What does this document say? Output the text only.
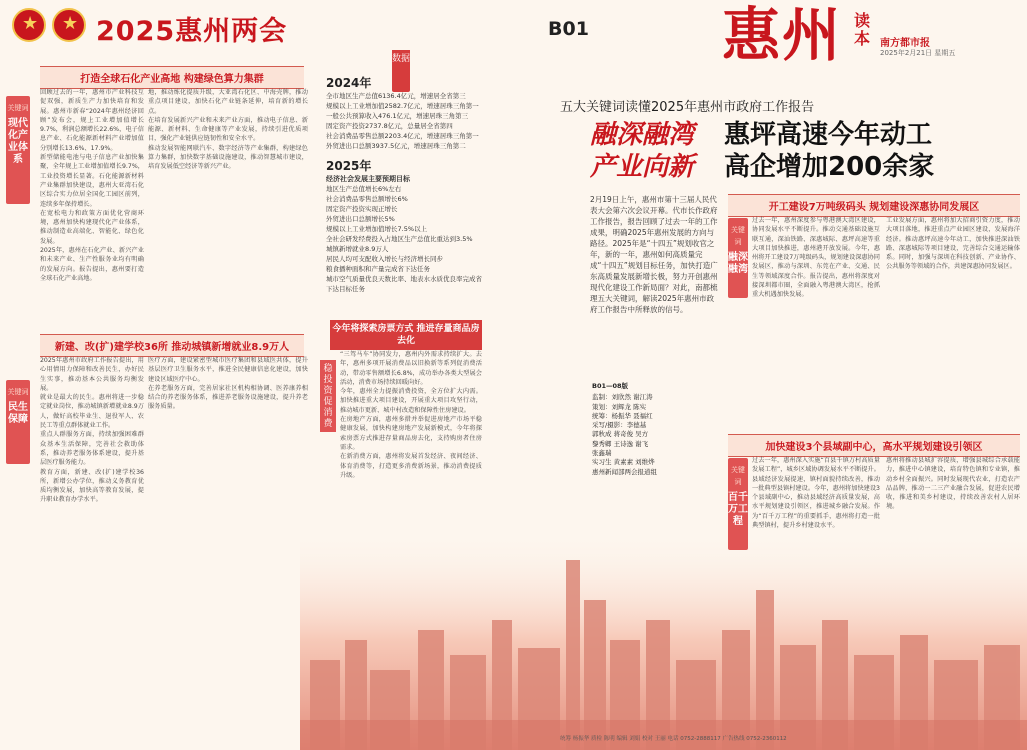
★
★
2025惠州两会	B01 惠州 读本 南方都市报
2025年2月21日 星期五
打造全球石化产业高地 构建绿色算力集群
关键词
现代化产业体系

回顾过去的一年，惠州市产业科技互促双强，新质生产力加快培育和发展。惠州市新春“2024年惠州经济回顾”发布会，规上工业增加值增长9.7%，利润总额增长22.6%，电子信息产业、石化能源新材料产业增加值分别增长13.6%、17.9%。

新型储能电池与电子信息产业加快集聚，全年规上工业增加值增长9.7%，工业投资增长显著。石化能源新材料产业集群加快建设，惠州大亚湾石化区综合实力位居全国化工园区前列，连续多年保持增长。

在宽松电力和政策方面优化营商环境，惠州加快构建现代化产业体系，推动制造业高端化、智能化、绿色化发展。

2025年，惠州在石化产业、新兴产业和未来产业、生产性服务业均有明确的发展方向。报告提出，惠州要打造全球石化产业高地。

地，推动炼化提质升级，大亚湾石化区、中海壳牌，推动重点项目建设，加快石化产业链条延伸，培育新的增长点。

在培育发展新兴产业和未来产业方面，推动电子信息、新能源、新材料、生命健康等产业发展，持续引进优质项目，强化产业链供应链韧性和安全水平。

推动发展智能网联汽车、数字经济等产业集群，构建绿色算力集群，加快数字基础设施建设，推动智慧城市建设，培育发展低空经济等新兴产业。

新建、改(扩)建学校36所 推动城镇新增就业8.9万人
关键词
民生保障

2025年惠州市政府工作报告提出，用心用情用力保障和改善民生，办好民生实事，推动基本公共服务均衡发展。

就业是最大的民生。惠州将进一步稳定就业岗位，推动城镇新增就业8.9万人，做好高校毕业生、退役军人、农民工等重点群体就业工作。

重点人群服务方面，持续加强困难群众基本生活保障，完善社会救助体系，推动养老服务体系建设，提升基层医疗服务能力。

教育方面，新建、改(扩)建学校36所，新增公办学位，推动义务教育优质均衡发展，加快高等教育发展，提升职业教育办学水平。

医疗方面，建设紧密型城市医疗集团和县域医共体，提升基层医疗卫生服务水平，推进全民健康信息化建设，加快建设区域医疗中心。

在养老服务方面，完善居家社区机构相协调、医养康养相结合的养老服务体系，推进养老服务设施建设，提升养老服务质量。

数据
2024年
全市地区生产总值6136.4亿元，增速居全省第三
规模以上工业增加值2582.7亿元，增速居珠三角第一
一般公共预算收入476.1亿元，增速居珠三角第三
固定资产投资2737.8亿元，总量居全省第四
社会消费品零售总额2203.4亿元，增速居珠三角第一
外贸进出口总额3937.5亿元，增速居珠三角第二
2025年
经济社会发展主要预期目标
地区生产总值增长6%左右
社会消费品零售总额增长6%
固定资产投资实现正增长
外贸进出口总额增长5%
规模以上工业增加值增长7.5%以上
全社会研发经费投入占地区生产总值比重达到3.5%
城镇新增就业8.9万人
居民人均可支配收入增长与经济增长同步
粮食播种面积和产量完成省下达任务
城市空气质量优良天数比率、地表水水质优良率完成省下达目标任务
今年将探索房票方式 推进存量商品房去化
稳投资促消费

“三驾马车”协同发力，惠州内外需求持续扩大。去年，惠州多项开展消费品以旧换新等系列促消费活动，带动零售额增长6.8%，成功举办各类大型展会活动，消费市场持续回暖向好。

今年，惠州全力提振消费投资，全方位扩大内需。加快推进重大项目建设，开展重大项目攻坚行动，推动城市更新、城中村改造和保障性住房建设。

在房地产方面，惠州多措并举促进房地产市场平稳健康发展，加快构建房地产发展新模式，今年将探索房票方式推进存量商品房去化，支持购房者住房需求。

在新消费方面，惠州将发展首发经济、夜间经济、体育消费等，打造更多消费新场景，推动消费提质升级。

五大关键词读懂2025年惠州市政府工作报告
融深融湾 惠坪高速今年动工
产业向新 高企增加200余家
2月19日上午，惠州市第十三届人民代表大会第六次会议开幕。代市长作政府工作报告，报告回顾了过去一年的工作成果，明确2025年惠州发展的方向与路径。2025年是“十四五”规划收官之年，新的一年，惠州如何高质量完成“十四五”规划目标任务，加快打造广东高质量发展新增长极，努力开创惠州现代化建设工作新局面？对此，南都梳理五大关键词，解读2025年惠州市政府工作报告中所释放的信号。
B01—08版
监制：刘欣然 谢江涛
策划：刘辉龙 陈实
统筹：杨振华 聂福红
采写/摄影：李德基
郭秋成 蒋奇俊 吴方
黎秀卿 王诗逸 谢飞
张鑫瑞
实习生 黄素素 刘维烨
惠州新闻部两会报道组
开工建设7万吨级码头 规划建设深惠协同发展区
关键词
融深融湾
过去一年，惠州深度参与粤港澳大湾区建设，协同发展水平不断提升。推动交通基础设施互联互通，深汕铁路、深惠城际、惠坪高速等重大项目加快推进，惠州港开放发展。今年，惠州将开工建设7万吨级码头，规划建设深惠协同发展区，推动与深圳、东莞在产业、交通、民生等领域深度合作。报告提出，惠州将深度对接深圳都市圈，全面融入粤港澳大湾区，抢抓重大机遇加快发展。
工业发展方面，惠州将加大招商引资力度，推动大项目落地，推进重点产业园区建设，发展海洋经济。推动惠坪高速今年动工，加快推进深汕铁路、深惠城际等项目建设，完善综合交通运输体系。同时，加强与深圳在科技创新、产业协作、公共服务等领域的合作，共建深惠协同发展区。
加快建设3个县域副中心，高水平规划建设引领区
关键词
百千万工程
过去一年，惠州深入实施“百县千镇万村高质量发展工程”，城乡区域协调发展水平不断提升。县域经济发展提速，镇村面貌持续改善，推动一批典型县镇村建设。今年，惠州将加快建设3个县域副中心，推动县域经济高质量发展，高水平规划建设引领区，推进城乡融合发展。作为“百千万工程”的重要抓手，惠州将打造一批典型镇村，提升乡村建设水平。
惠州将推动县城扩容提质，增强县城综合承载能力，推进中心镇建设，培育特色镇和专业镇，推动乡村全面振兴。同时发展现代农业，打造农产品品牌，推动一二三产业融合发展，促进农民增收，推进和美乡村建设，持续改善农村人居环境。
统筹 杨振华 质检 陈明 编辑 刘娟 校对 王丽 电话 0752-2888117 广告热线 0752-2360112
